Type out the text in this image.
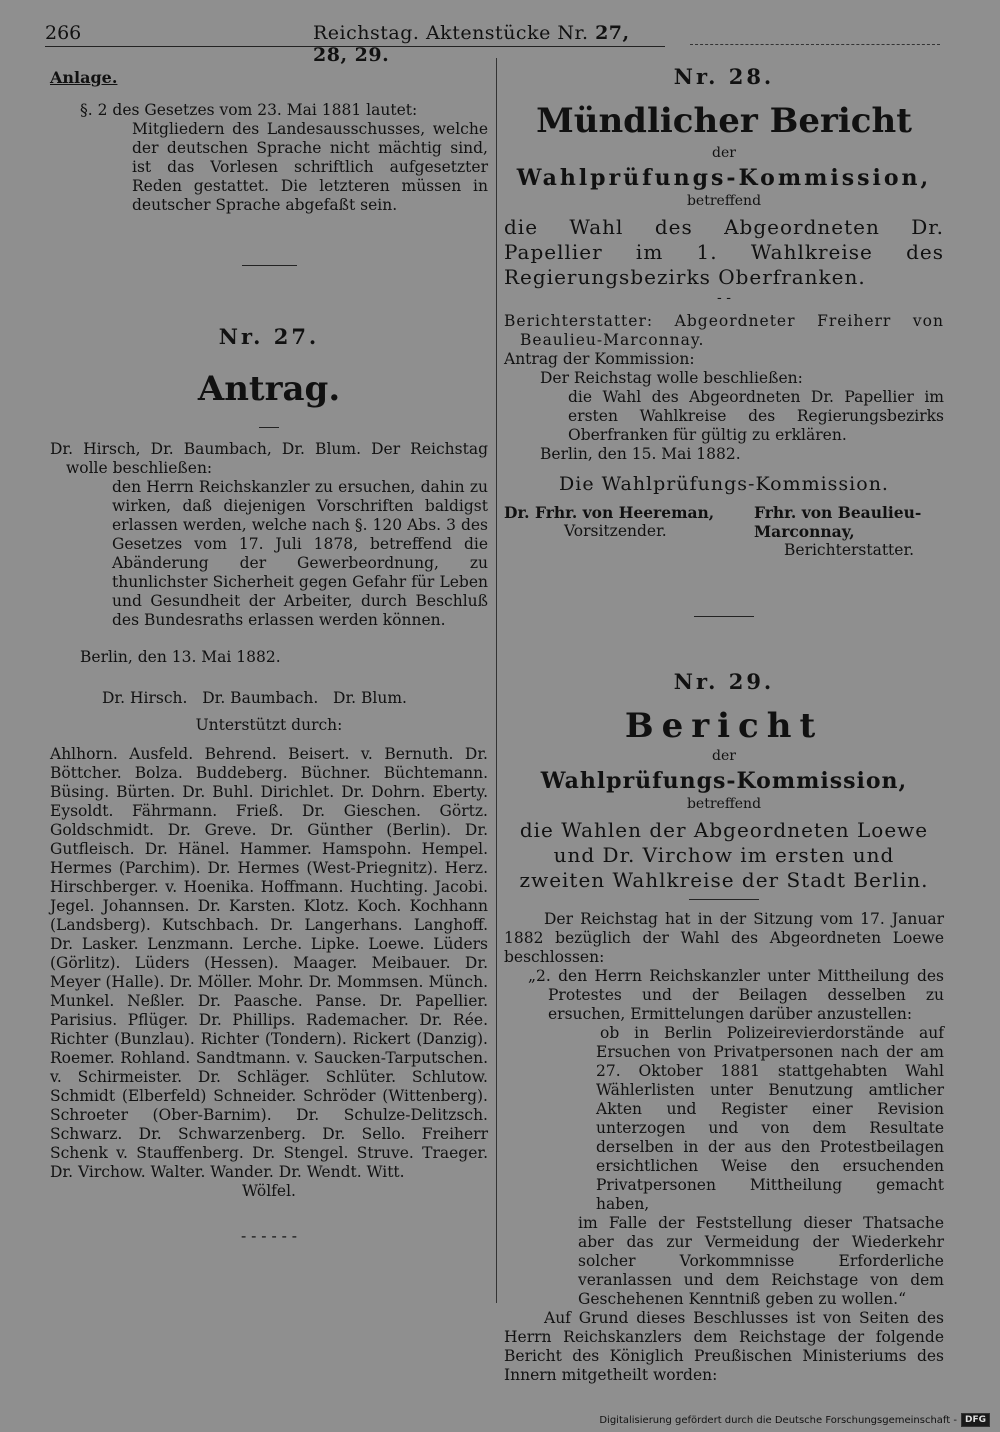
266	Reichstag. Aktenstücke Nr. 27, 28, 29.

Anlage.

§. 2 des Gesetzes vom 23. Mai 1881 lautet:

Mitgliedern des Landesausschusses, welche der deutschen Sprache nicht mächtig sind, ist das Vorlesen schriftlich aufgesetzter Reden gestattet. Die letzteren müssen in deutscher Sprache abgefaßt sein.

Nr. 27.

Antrag.

Dr. Hirsch, Dr. Baumbach, Dr. Blum. Der Reichstag wolle beschließen:

den Herrn Reichskanzler zu ersuchen, dahin zu wirken, daß diejenigen Vorschriften baldigst erlassen werden, welche nach §. 120 Abs. 3 des Gesetzes vom 17. Juli 1878, betreffend die Abänderung der Gewerbeordnung, zu thunlichster Sicherheit gegen Gefahr für Leben und Gesundheit der Arbeiter, durch Beschluß des Bundesraths erlassen werden können.

Berlin, den 13. Mai 1882.

Dr. Hirsch.   Dr. Baumbach.   Dr. Blum.

Unterstützt durch:

Ahlhorn. Ausfeld. Behrend. Beisert. v. Bernuth. Dr. Böttcher. Bolza. Buddeberg. Büchner. Büchtemann. Büsing. Bürten. Dr. Buhl. Dirichlet. Dr. Dohrn. Eberty. Eysoldt. Fährmann. Frieß. Dr. Gieschen. Görtz. Goldschmidt. Dr. Greve. Dr. Günther (Berlin). Dr. Gutfleisch. Dr. Hänel. Hammer. Hamspohn. Hempel. Hermes (Parchim). Dr. Hermes (West-Priegnitz). Herz. Hirschberger. v. Hoenika. Hoffmann. Huchting. Jacobi. Jegel. Johannsen. Dr. Karsten. Klotz. Koch. Kochhann (Landsberg). Kutschbach. Dr. Langerhans. Langhoff. Dr. Lasker. Lenzmann. Lerche. Lipke. Loewe. Lüders (Görlitz). Lüders (Hessen). Maager. Meibauer. Dr. Meyer (Halle). Dr. Möller. Mohr. Dr. Mommsen. Münch. Munkel. Neßler. Dr. Paasche. Panse. Dr. Papellier. Parisius. Pflüger. Dr. Phillips. Rademacher. Dr. Rée. Richter (Bunzlau). Richter (Tondern). Rickert (Danzig). Roemer. Rohland. Sandtmann. v. Saucken-Tarputschen. v. Schirmeister. Dr. Schläger. Schlüter. Schlutow. Schmidt (Elberfeld) Schneider. Schröder (Wittenberg). Schroeter (Ober-Barnim). Dr. Schulze-Delitzsch. Schwarz. Dr. Schwarzenberg. Dr. Sello. Freiherr Schenk v. Stauffenberg. Dr. Stengel. Struve. Traeger. Dr. Virchow. Walter. Wander. Dr. Wendt. Witt.

Wölfel.

- - - - - -

Nr. 28.

Mündlicher Bericht

der

Wahlprüfungs-Kommission,

betreffend

die Wahl des Abgeordneten Dr. Papellier im 1. Wahlkreise des Regierungsbezirks Oberfranken.

- -

Berichterstatter: Abgeordneter Freiherr von Beaulieu-Marconnay.

Antrag der Kommission:

Der Reichstag wolle beschließen:

die Wahl des Abgeordneten Dr. Papellier im ersten Wahlkreise des Regierungsbezirks Oberfranken für gültig zu erklären.

Berlin, den 15. Mai 1882.

Die Wahlprüfungs-Kommission.

Dr. Frhr. von Heereman,
Vorsitzender.
Frhr. von Beaulieu-Marconnay,
Berichterstatter.

Nr. 29.

Bericht

der

Wahlprüfungs-Kommission,

betreffend

die Wahlen der Abgeordneten Loewe und Dr. Virchow im ersten und zweiten Wahlkreise der Stadt Berlin.

Der Reichstag hat in der Sitzung vom 17. Januar 1882 bezüglich der Wahl des Abgeordneten Loewe beschlossen:

„2. den Herrn Reichskanzler unter Mittheilung des Protestes und der Beilagen desselben zu ersuchen, Ermittelungen darüber anzustellen:

ob in Berlin Polizeirevierdorstände auf Ersuchen von Privatpersonen nach der am 27. Oktober 1881 stattgehabten Wahl Wählerlisten unter Benutzung amtlicher Akten und Register einer Revision unterzogen und von dem Resultate derselben in der aus den Protestbeilagen ersichtlichen Weise den ersuchenden Privatpersonen Mittheilung gemacht haben,

im Falle der Feststellung dieser Thatsache aber das zur Vermeidung der Wiederkehr solcher Vorkommnisse Erforderliche veranlassen und dem Reichstage von dem Geschehenen Kenntniß geben zu wollen.“

Auf Grund dieses Beschlusses ist von Seiten des Herrn Reichskanzlers dem Reichstage der folgende Bericht des Königlich Preußischen Ministeriums des Innern mitgetheilt worden:

Digitalisierung gefördert durch die Deutsche Forschungsgemeinschaft - DFG
